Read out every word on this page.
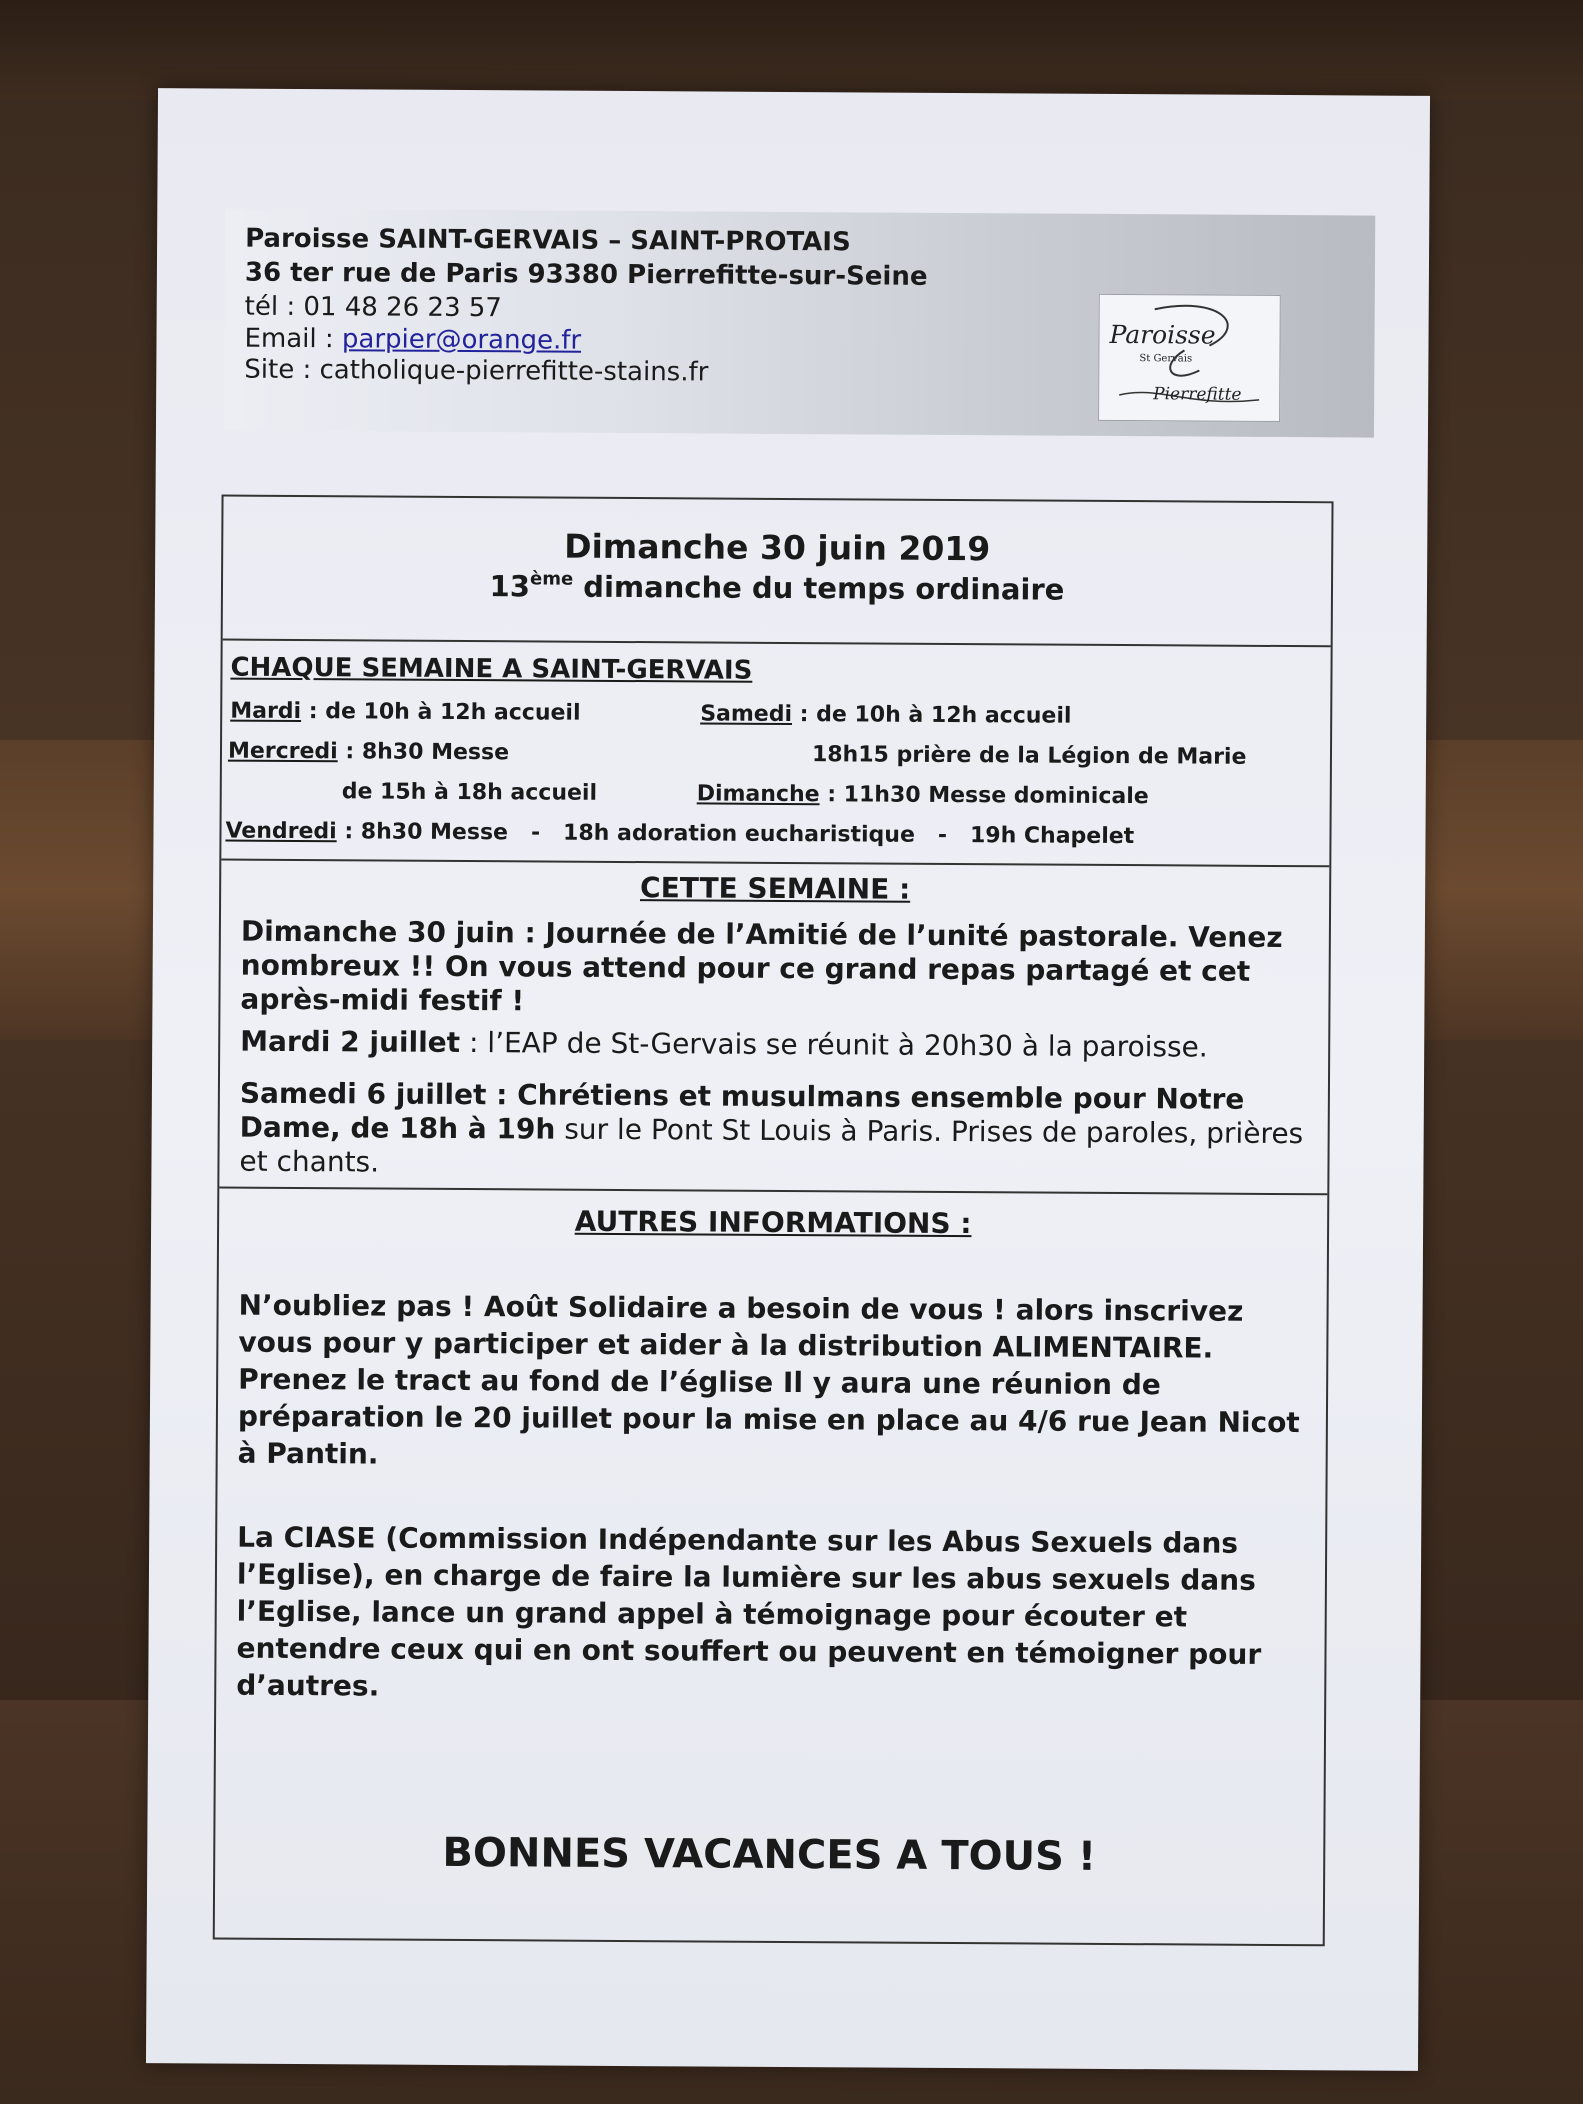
Paroisse SAINT-GERVAIS – SAINT-PROTAIS
36 ter rue de Paris 93380 Pierrefitte-sur-Seine
tél : 01 48 26 23 57
Email : parpier@orange.fr
Site : catholique-pierrefitte-stains.fr
Paroisse
St Gervais
Pierrefitte
Dimanche 30 juin 2019
13ème dimanche du temps ordinaire
CHAQUE SEMAINE A SAINT-GERVAIS
Mardi : de 10h à 12h accueil	Samedi : de 10h à 12h accueil
Mercredi : 8h30 Messe	18h15 prière de la Légion de Marie
de 15h à 18h accueil	Dimanche : 11h30 Messe dominicale
Vendredi : 8h30 Messe   -   18h adoration eucharistique   -   19h Chapelet
CETTE SEMAINE :
Dimanche 30 juin : Journée de l’Amitié de l’unité pastorale. Venez nombreux !! On vous attend pour ce grand repas partagé et cet après-midi festif !
Mardi 2 juillet : l’EAP de St-Gervais se réunit à 20h30 à la paroisse.
Samedi 6 juillet : Chrétiens et musulmans ensemble pour Notre Dame, de 18h à 19h sur le Pont St Louis à Paris. Prises de paroles, prières et chants.
AUTRES INFORMATIONS :
N’oubliez pas ! Août Solidaire a besoin de vous ! alors inscrivez vous pour y participer et aider à la distribution ALIMENTAIRE. Prenez le tract au fond de l’église Il y aura une réunion de préparation le 20 juillet pour la mise en place au 4/6 rue Jean Nicot à Pantin.
La CIASE (Commission Indépendante sur les Abus Sexuels dans l’Eglise), en charge de faire la lumière sur les abus sexuels dans l’Eglise, lance un grand appel à témoignage pour écouter et entendre ceux qui en ont souffert ou peuvent en témoigner pour d’autres.
BONNES VACANCES A TOUS !
